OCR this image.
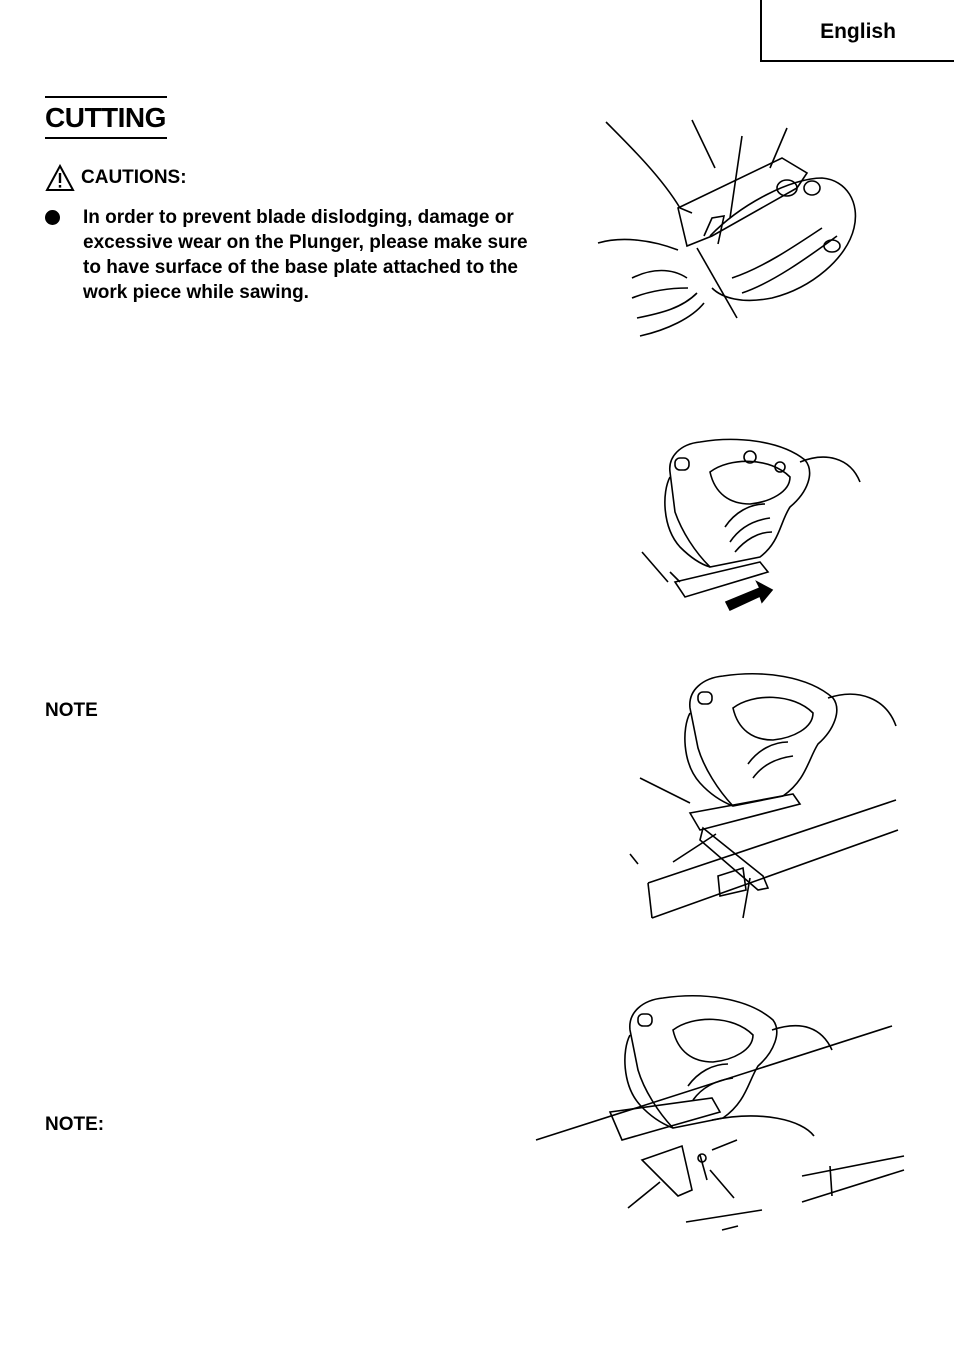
English
CUTTING
CAUTIONS:
In order to prevent blade dislodging, damage or excessive wear on the Plunger, please make sure to have surface of the base plate attached to the work piece while sawing.
NOTE
NOTE:
